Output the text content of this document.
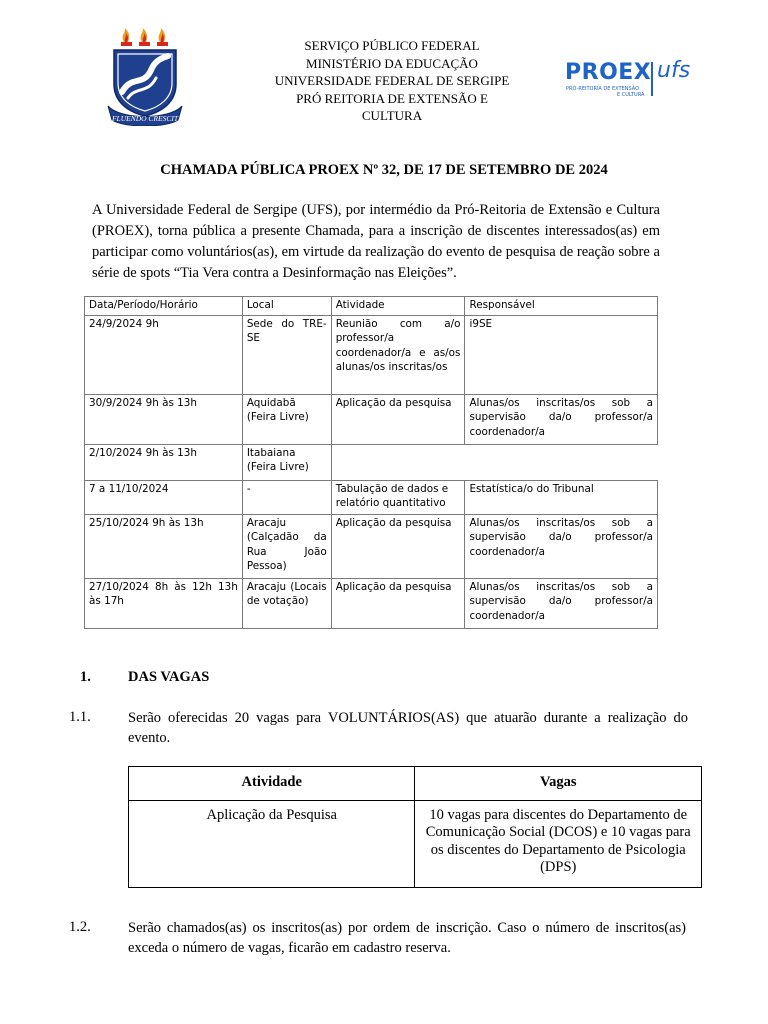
FLUENDO CRESCIT
SERVIÇO PÚBLICO FEDERAL
MINISTÉRIO DA EDUCAÇÃO
UNIVERSIDADE FEDERAL DE SERGIPE
PRÓ REITORIA DE EXTENSÃO E
CULTURA
PROEX
PRÓ-REITORIA DE EXTENSÃO
E CULTURA
ufs
CHAMADA PÚBLICA PROEX Nº 32, DE 17 DE SETEMBRO DE 2024
A Universidade Federal de Sergipe (UFS), por intermédio da Pró-Reitoria de Extensão e Cultura (PROEX), torna pública a presente Chamada, para a inscrição de discentes interessados(as) em participar como voluntários(as), em virtude da realização do evento de pesquisa de reação sobre a série de spots “Tia Vera contra a Desinformação nas Eleições”.
Data/Período/Horário	Local	Atividade	Responsável
24/9/2024 9h	Sede do TRE-SE	Reunião com a/o professor/a coordenador/a e as/os alunas/os inscritas/os	i9SE
30/9/2024 9h às 13h	Aquidabã (Feira Livre)	Aplicação da pesquisa	Alunas/os inscritas/os sob a supervisão da/o professor/a coordenador/a
2/10/2024 9h às 13h	Itabaiana (Feira Livre)		
7 a 11/10/2024	-	Tabulação de dados e relatório quantitativo	Estatística/o do Tribunal
25/10/2024 9h às 13h	Aracaju (Calçadão da Rua João Pessoa)	Aplicação da pesquisa	Alunas/os inscritas/os sob a supervisão da/o professor/a coordenador/a
27/10/2024 8h às 12h 13h às 17h	Aracaju (Locais de votação)	Aplicação da pesquisa	Alunas/os inscritas/os sob a supervisão da/o professor/a coordenador/a
1.	DAS VAGAS
1.1.	Serão oferecidas 20 vagas para VOLUNTÁRIOS(AS) que atuarão durante a realização do evento.
Atividade	Vagas
Aplicação da Pesquisa	10 vagas para discentes do Departamento de Comunicação Social (DCOS) e 10 vagas para os discentes do Departamento de Psicologia (DPS)
1.2.	Serão chamados(as) os inscritos(as) por ordem de inscrição. Caso o número de inscritos(as) exceda o número de vagas, ficarão em cadastro reserva.
